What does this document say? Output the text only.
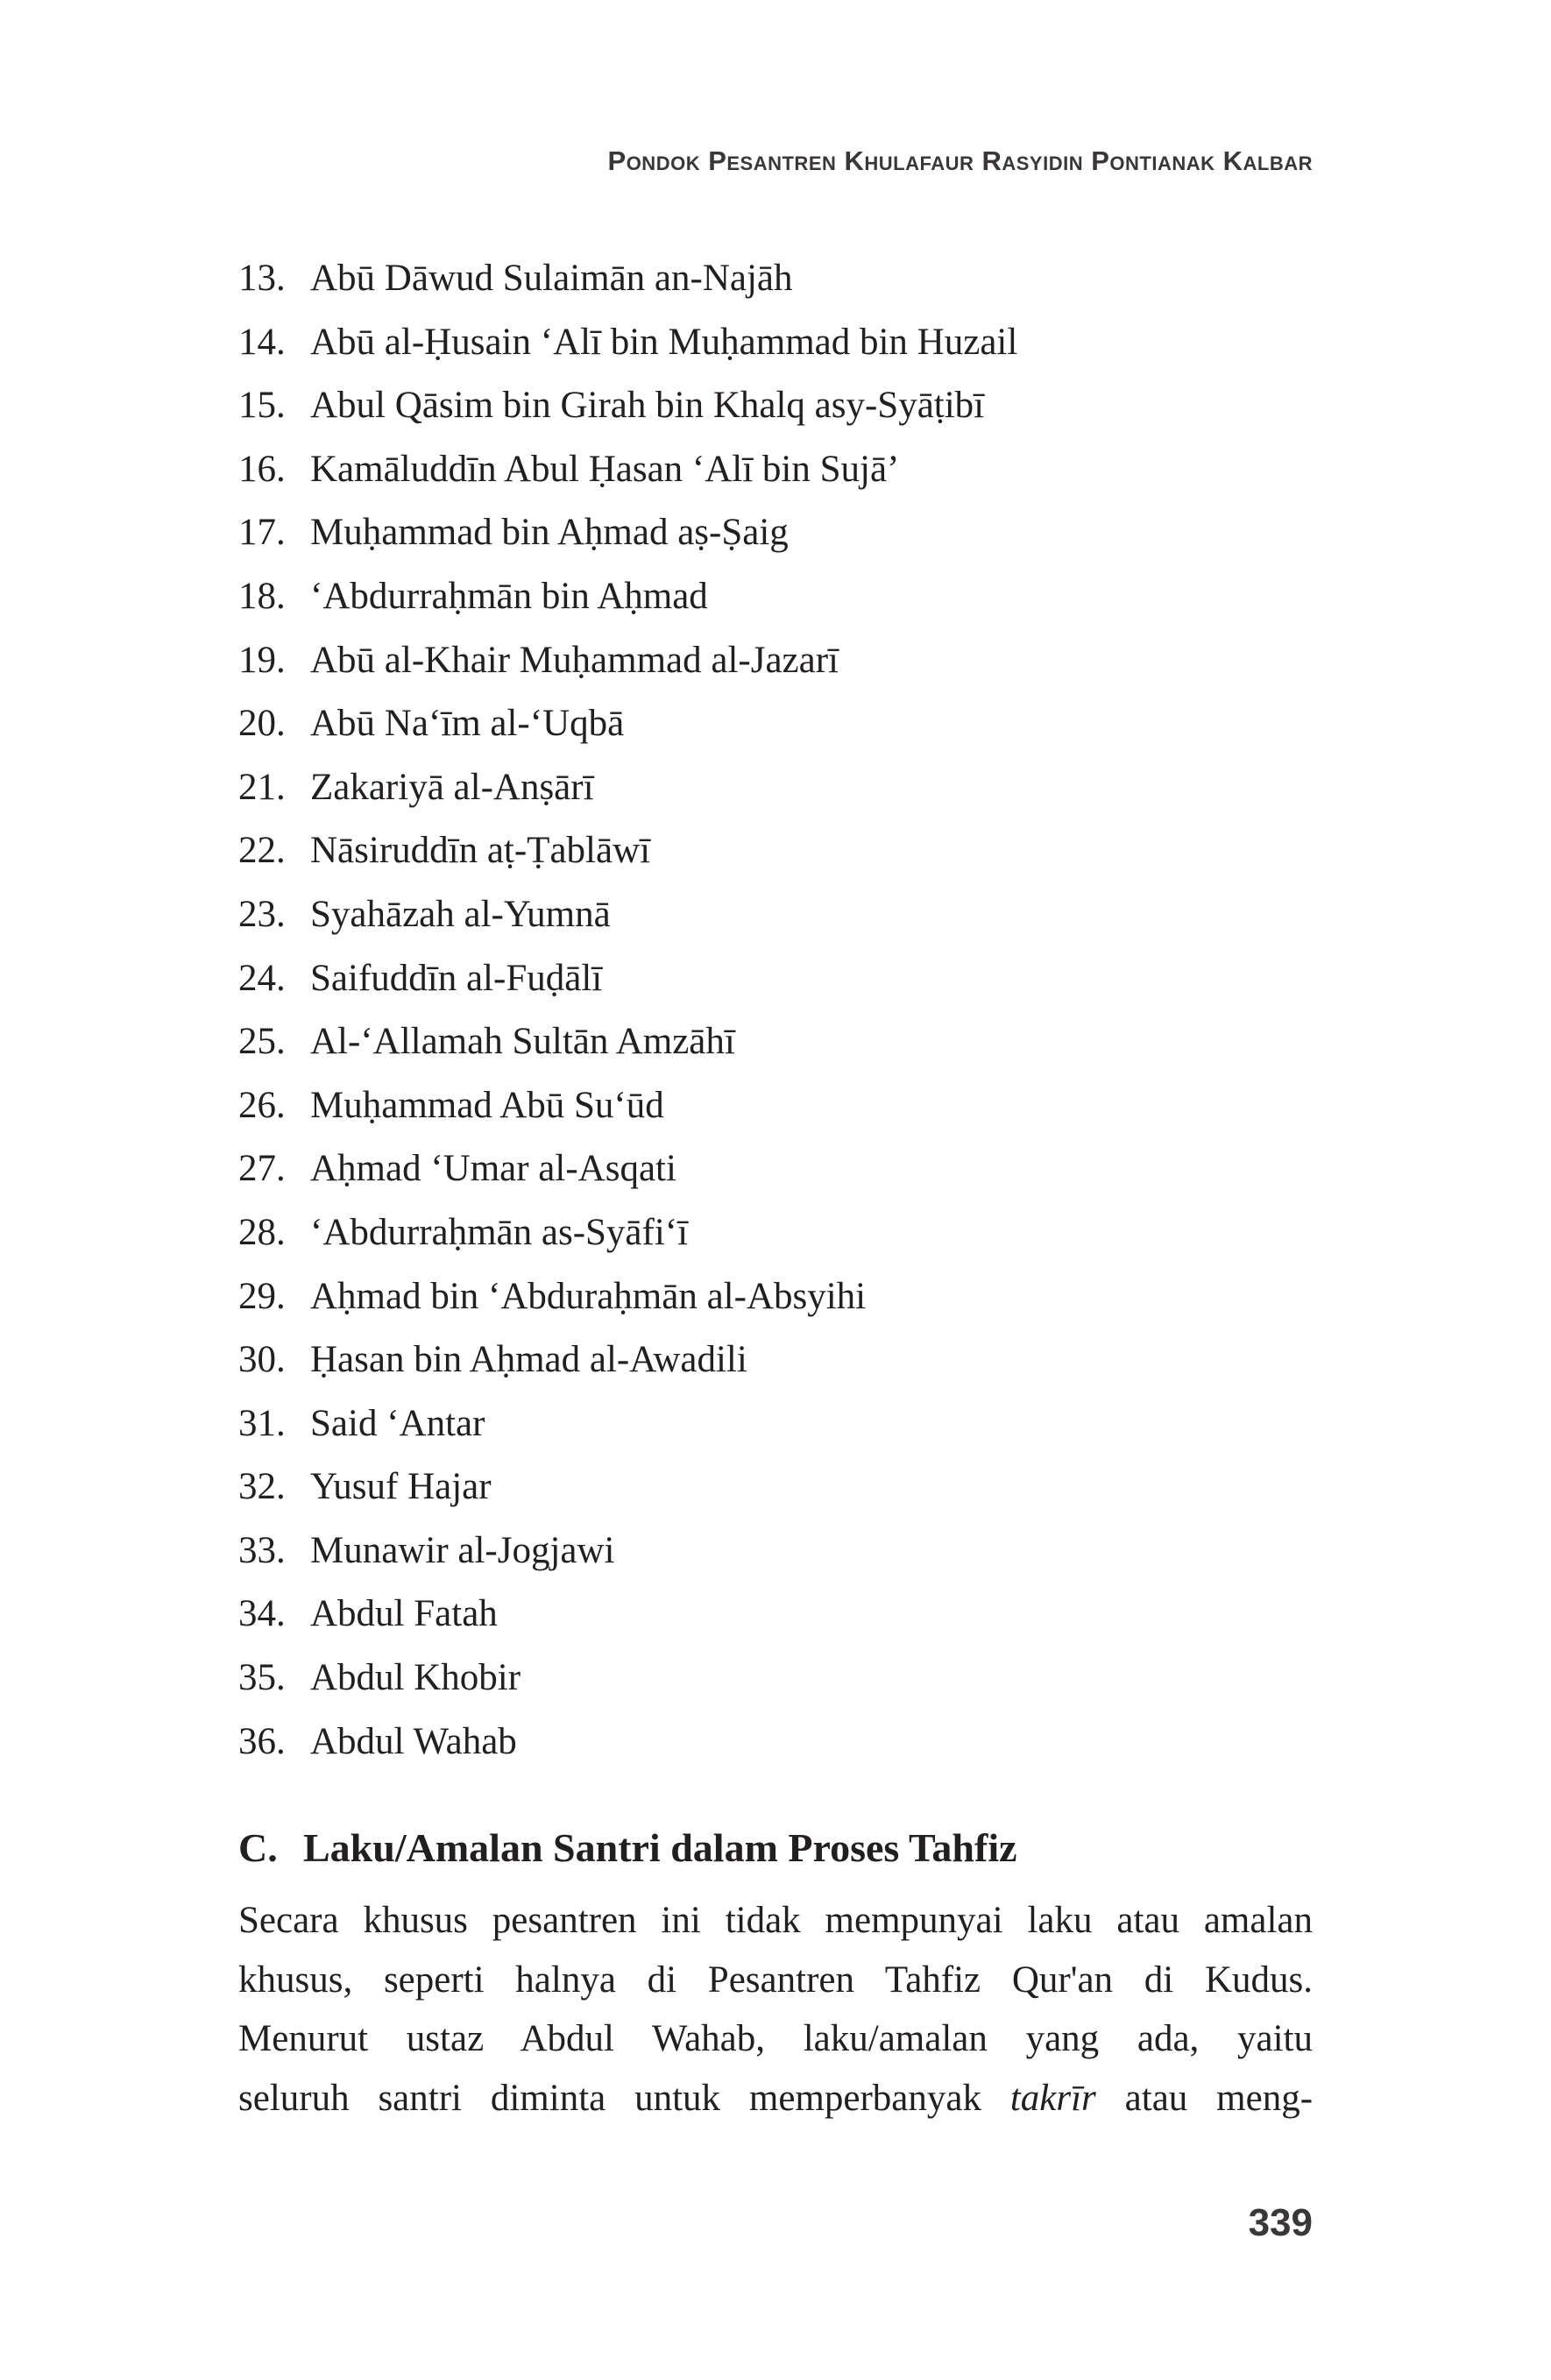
Pondok Pesantren Khulafaur Rasyidin Pontianak Kalbar
13. Abū Dāwud Sulaimān an-Najāh
14. Abū al-Ḥusain ‘Alī bin Muḥammad bin Huzail
15. Abul Qāsim bin Girah bin Khalq asy-Syāṭibī
16. Kamāluddīn Abul Ḥasan ‘Alī bin Sujā’
17. Muḥammad bin Aḥmad aṣ-Ṣaig
18. ‘Abdurraḥmān bin Aḥmad
19. Abū al-Khair Muḥammad al-Jazarī
20. Abū Na‘īm al-‘Uqbā
21. Zakariyā al-Anṣārī
22. Nāsiruddīn aṭ-Ṭablāwī
23. Syahāzah al-Yumnā
24. Saifuddīn al-Fuḍālī
25. Al-‘Allamah Sultān Amzāhī
26. Muḥammad Abū Su‘ūd
27. Aḥmad ‘Umar al-Asqati
28. ‘Abdurraḥmān as-Syāfi‘ī
29. Aḥmad bin ‘Abduraḥmān al-Absyihi
30. Ḥasan bin Aḥmad al-Awadili
31. Said ‘Antar
32. Yusuf Hajar
33. Munawir al-Jogjawi
34. Abdul Fatah
35. Abdul Khobir
36. Abdul Wahab
C. Laku/Amalan Santri dalam Proses Tahfiz
Secara khusus pesantren ini tidak mempunyai laku atau amalan
khusus, seperti halnya di Pesantren Tahfiz Qur'an di Kudus.
Menurut ustaz Abdul Wahab, laku/amalan yang ada, yaitu
seluruh santri diminta untuk memperbanyak takrīr atau meng-
339
